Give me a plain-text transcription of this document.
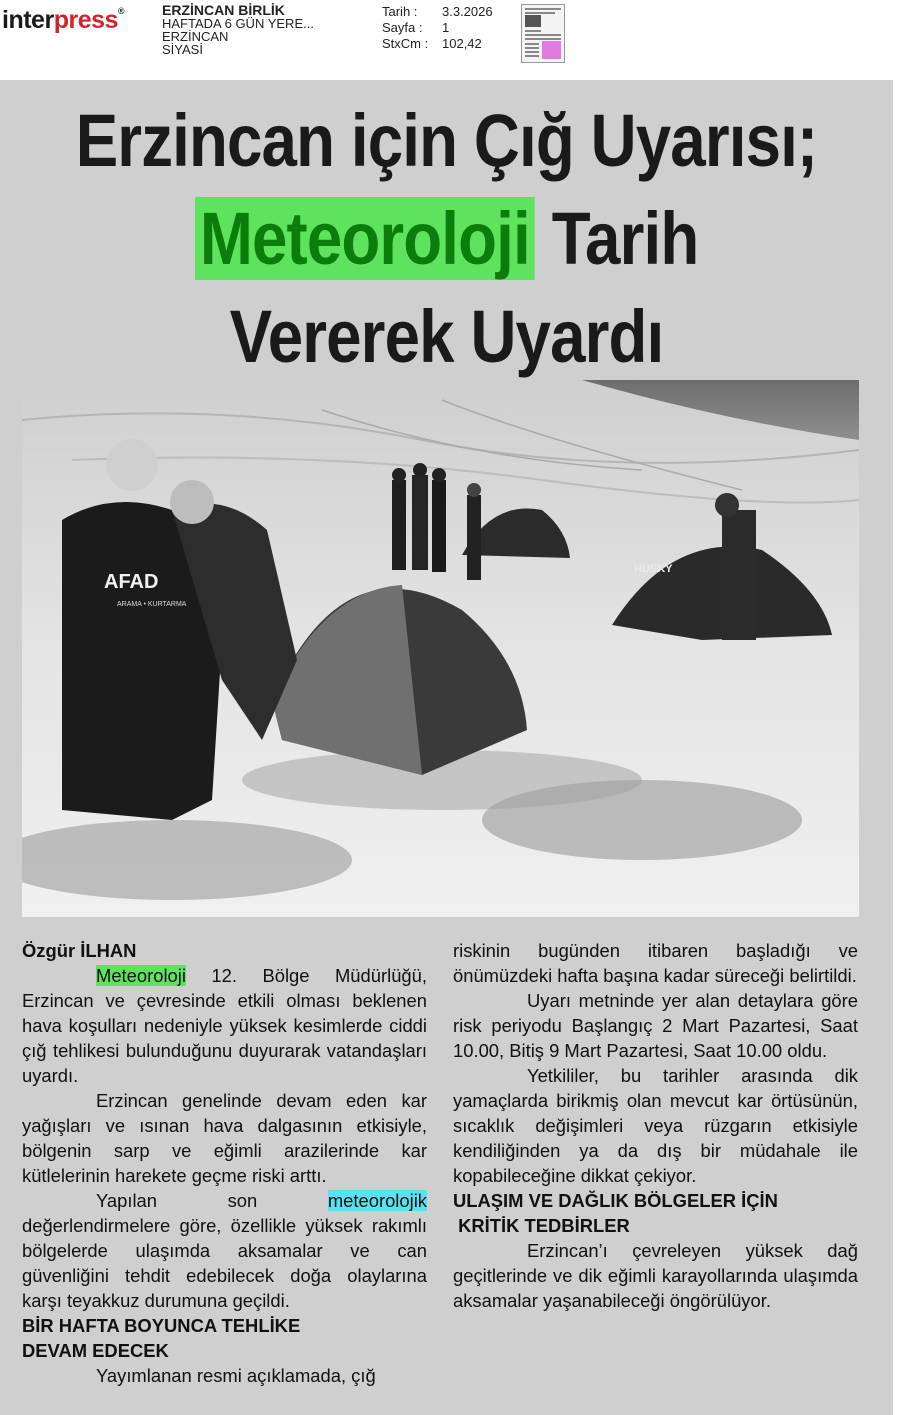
interpress®	ERZİNCAN BİRLİK
HAFTADA 6 GÜN YERE...
ERZİNCAN
SİYASİ
Tarih :	3.3.2026
Sayfa :	1
StxCm :	102,42
Erzincan için Çığ Uyarısı;
Meteoroloji Tarih
Vererek Uyardı
HUSKY
AFAD
ARAMA • KURTARMA

Özgür İLHAN

Meteoroloji 12. Bölge Müdürlüğü, Erzincan ve çevresinde etkili olması beklenen hava koşulları nedeniyle yüksek kesimlerde ciddi çığ tehlikesi bulunduğunu duyurarak vatandaşları uyardı.

Erzincan genelinde devam eden kar yağışları ve ısınan hava dalgasının etkisiyle, bölgenin sarp ve eğimli arazilerinde kar kütlelerinin harekete geçme riski arttı.

Yapılan son meteorolojik değerlendirmelere göre, özellikle yüksek rakımlı bölgelerde ulaşımda aksamalar ve can güvenliğini tehdit edebilecek doğa olaylarına karşı teyakkuz durumuna geçildi.

BİR HAFTA BOYUNCA TEHLİKE
DEVAM EDECEK

Yayımlanan resmi açıklamada, çığ

riskinin bugünden itibaren başladığı ve önümüzdeki hafta başına kadar süreceği belirtildi.

Uyarı metninde yer alan detaylara göre risk periyodu Başlangıç 2 Mart Pazartesi, Saat 10.00, Bitiş 9 Mart Pazartesi, Saat 10.00 oldu.

Yetkililer, bu tarihler arasında dik yamaçlarda birikmiş olan mevcut kar örtüsünün, sıcaklık değişimleri veya rüzgarın etkisiyle kendiliğinden ya da dış bir müdahale ile kopabileceğine dikkat çekiyor.

ULAŞIM VE DAĞLIK BÖLGELER İÇİN
KRİTİK TEDBİRLER

Erzincan’ı çevreleyen yüksek dağ geçitlerinde ve dik eğimli karayollarında ulaşımda aksamalar yaşanabileceği öngörülüyor.
